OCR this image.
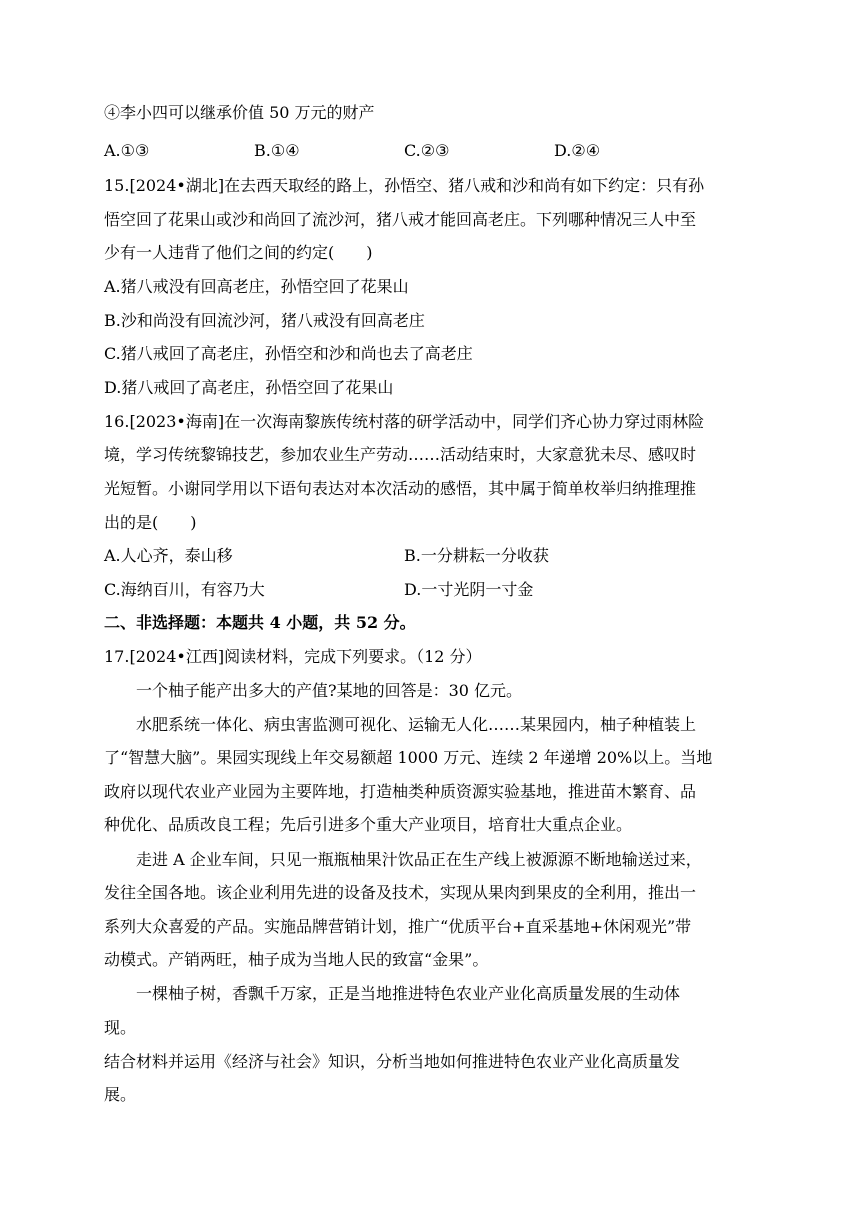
④李小四可以继承价值 50 万元的财产
A.①③	B.①④	C.②③	D.②④
15.[2024•湖北]在去西天取经的路上，孙悟空、猪八戒和沙和尚有如下约定：只有孙
悟空回了花果山或沙和尚回了流沙河，猪八戒才能回高老庄。下列哪种情况三人中至
少有一人违背了他们之间的约定(　　)
A.猪八戒没有回高老庄，孙悟空回了花果山
B.沙和尚没有回流沙河，猪八戒没有回高老庄
C.猪八戒回了高老庄，孙悟空和沙和尚也去了高老庄
D.猪八戒回了高老庄，孙悟空回了花果山
16.[2023•海南]在一次海南黎族传统村落的研学活动中，同学们齐心协力穿过雨林险
境，学习传统黎锦技艺，参加农业生产劳动……活动结束时，大家意犹未尽、感叹时
光短暂。小谢同学用以下语句表达对本次活动的感悟，其中属于简单枚举归纳推理推
出的是(　　)
A.人心齐，泰山移	B.一分耕耘一分收获
C.海纳百川，有容乃大	D.一寸光阴一寸金
二、非选择题：本题共 4 小题，共 52 分。
17.[2024•江西]阅读材料，完成下列要求。（12 分）
一个柚子能产出多大的产值?某地的回答是：30 亿元。
水肥系统一体化、病虫害监测可视化、运输无人化……某果园内，柚子种植装上
了“智慧大脑”。果园实现线上年交易额超 1000 万元、连续 2 年递增 20%以上。当地
政府以现代农业产业园为主要阵地，打造柚类种质资源实验基地，推进苗木繁育、品
种优化、品质改良工程；先后引进多个重大产业项目，培育壮大重点企业。
走进 A 企业车间，只见一瓶瓶柚果汁饮品正在生产线上被源源不断地输送过来，
发往全国各地。该企业利用先进的设备及技术，实现从果肉到果皮的全利用，推出一
系列大众喜爱的产品。实施品牌营销计划，推广“优质平台+直采基地+休闲观光”带
动模式。产销两旺，柚子成为当地人民的致富“金果”。
一棵柚子树，香飘千万家，正是当地推进特色农业产业化高质量发展的生动体
现。
结合材料并运用《经济与社会》知识，分析当地如何推进特色农业产业化高质量发
展。
